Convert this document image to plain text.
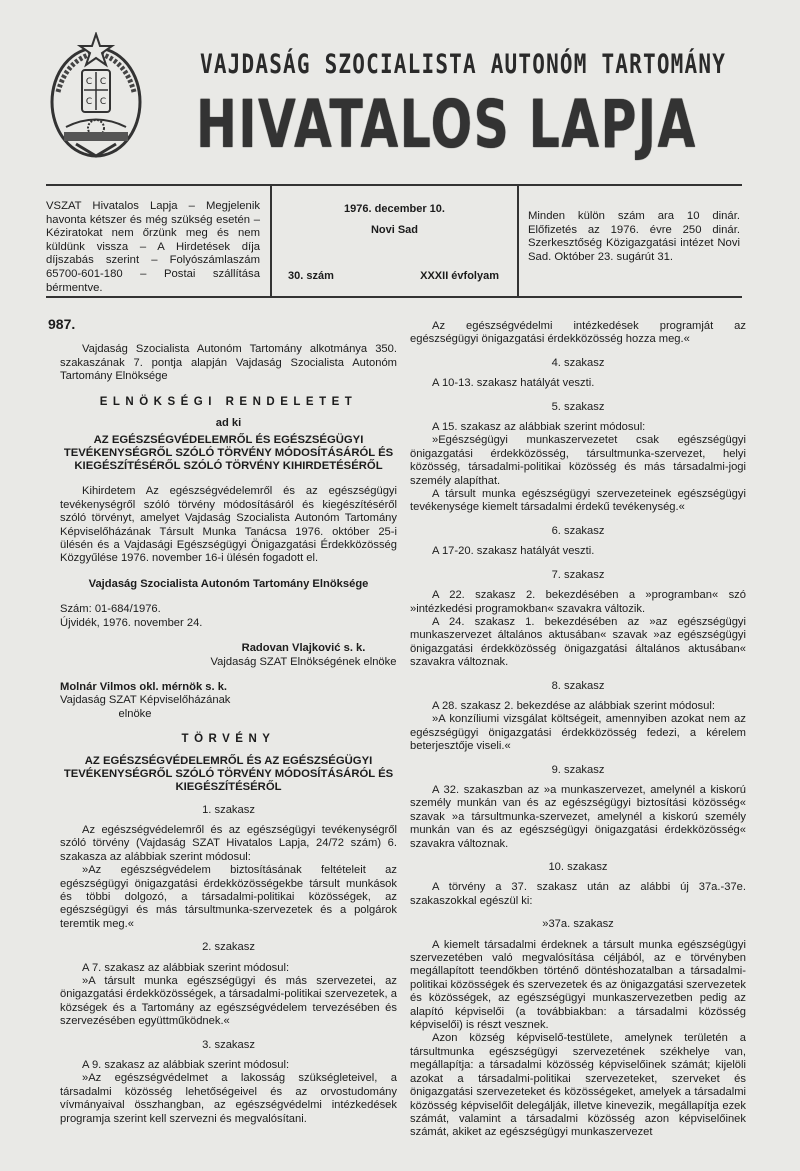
C C
C C
VAJDASÁG SZOCIALISTA AUTONÓM TARTOMÁNY
HIVATALOS LAPJA
VSZAT Hivatalos Lapja – Megjelenik havonta kétszer és még szükség esetén – Kéziratokat nem őrzünk meg és nem küldünk vissza – A Hirdetések díja díjszabás szerint – Folyószámlaszám 65700-601-180 – Postai szállítása bérmentve.
1976. december 10.
Novi Sad
30. szám	XXXII évfolyam
Minden külön szám ara 10 dinár. Előfizetés az 1976. évre 250 dinár. Szerkesztőség Közigazgatási intézet Novi Sad. Október 23. sugárút 31.

987.

Vajdaság Szocialista Autonóm Tartomány alkotmánya 350. szakaszának 7. pontja alapján Vajdaság Szocialista Autonóm Tartomány Elnöksége

ELNÖKSÉGI RENDELETET

ad ki

AZ EGÉSZSÉGVÉDELEMRŐL ÉS EGÉSZSÉGÜGYI TEVÉKENYSÉGRŐL SZÓLÓ TÖRVÉNY MÓDOSÍTÁSÁRÓL ÉS KIEGÉSZÍTÉSÉRŐL SZÓLÓ TÖRVÉNY KIHIRDETÉSÉRŐL

Kihirdetem Az egészségvédelemről és az egészségügyi tevékenységről szóló törvény módosításáról és kiegészítéséről szóló törvényt, amelyet Vajdaság Szocialista Autonóm Tartomány Képviselőházának Társult Munka Tanácsa 1976. október 25-i ülésén és a Vajdasági Egészségügyi Önigazgatási Érdekközösség Közgyűlése 1976. november 16-i ülésén fogadott el.

Vajdaság Szocialista Autonóm Tartomány Elnöksége

Szám: 01-684/1976.

Újvidék, 1976. november 24.

Radovan Vlajković s. k.

Vajdaság SZAT Elnökségének elnöke

Molnár Vilmos okl. mérnök s. k.

Vajdaság SZAT Képviselőházának

elnöke

TÖRVÉNY

AZ EGÉSZSÉGVÉDELEMRŐL ÉS AZ EGÉSZSÉGÜGYI TEVÉKENYSÉGRŐL SZÓLÓ TÖRVÉNY MÓDOSÍTÁSÁRÓL ÉS KIEGÉSZÍTÉSÉRŐL

1. szakasz

Az egészségvédelemről és az egészségügyi tevékenységről szóló törvény (Vajdaság SZAT Hivatalos Lapja, 24/72 szám) 6. szakasza az alábbiak szerint módosul:

»Az egészségvédelem biztosításának feltételeit az egészségügyi önigazgatási érdekközösségekbe társult munkások és többi dolgozó, a társadalmi-politikai közösségek, az egészségügyi és más társultmunka-szervezetek és a polgárok teremtik meg.«

2. szakasz

A 7. szakasz az alábbiak szerint módosul:

»A társult munka egészségügyi és más szervezetei, az önigazgatási érdekközösségek, a társadalmi-politikai szervezetek, a községek és a Tartomány az egészségvédelem tervezésében és szervezésében együttműködnek.«

3. szakasz

A 9. szakasz az alábbiak szerint módosul:

»Az egészségvédelmet a lakosság szükségleteivel, a társadalmi közösség lehetőségeivel és az orvostudomány vívmányaival összhangban, az egészségvédelmi intézkedések programja szerint kell szervezni és megvalósítani.

Az egészségvédelmi intézkedések programját az egészségügyi önigazgatási érdekközösség hozza meg.«

4. szakasz

A 10-13. szakasz hatályát veszti.

5. szakasz

A 15. szakasz az alábbiak szerint módosul:

»Egészségügyi munkaszervezetet csak egészségügyi önigazgatási érdekközösség, társultmunka-szervezet, helyi közösség, társadalmi-politikai közösség és más társadalmi-jogi személy alapíthat.

A társult munka egészségügyi szervezeteinek egészségügyi tevékenysége kiemelt társadalmi érdekű tevékenység.«

6. szakasz

A 17-20. szakasz hatályát veszti.

7. szakasz

A 22. szakasz 2. bekezdésében a »programban« szó »intézkedési programokban« szavakra változik.

A 24. szakasz 1. bekezdésében az »az egészségügyi munkaszervezet általános aktusában« szavak »az egészségügyi önigazgatási érdekközösség önigazgatási általános aktusában« szavakra változnak.

8. szakasz

A 28. szakasz 2. bekezdése az alábbiak szerint módosul:

»A konzíliumi vizsgálat költségeit, amennyiben azokat nem az egészségügyi önigazgatási érdekközösség fedezi, a kérelem beterjesztője viseli.«

9. szakasz

A 32. szakaszban az »a munkaszervezet, amelynél a kiskorú személy munkán van és az egészségügyi biztosítási közösség« szavak »a társultmunka-szervezet, amelynél a kiskorú személy munkán van és az egészségügyi önigazgatási érdekközösség« szavakra változnak.

10. szakasz

A törvény a 37. szakasz után az alábbi új 37a.-37e. szakaszokkal egészül ki:

»37a. szakasz

A kiemelt társadalmi érdeknek a társult munka egészségügyi szervezetében való megvalósítása céljából, az e törvényben megállapított teendőkben történő döntéshozatalban a társadalmi-politikai közösségek és szervezetek és az önigazgatási szervezetek és közösségek, az egészségügyi munkaszervezetben pedig az alapító képviselői (a továbbiakban: a társadalmi közösség képviselői) is részt vesznek.

Azon község képviselő-testülete, amelynek területén a társultmunka egészségügyi szervezetének székhelye van, megállapítja: a társadalmi közösség képviselőinek számát; kijelöli azokat a társadalmi-politikai szervezeteket, szerveket és önigazgatási szervezeteket és közösségeket, amelyek a társadalmi közösség képviselőit delegálják, illetve kinevezik, megállapítja ezek számát, valamint a társadalmi közösség azon képviselőinek számát, akiket az egészségügyi munkaszervezet
